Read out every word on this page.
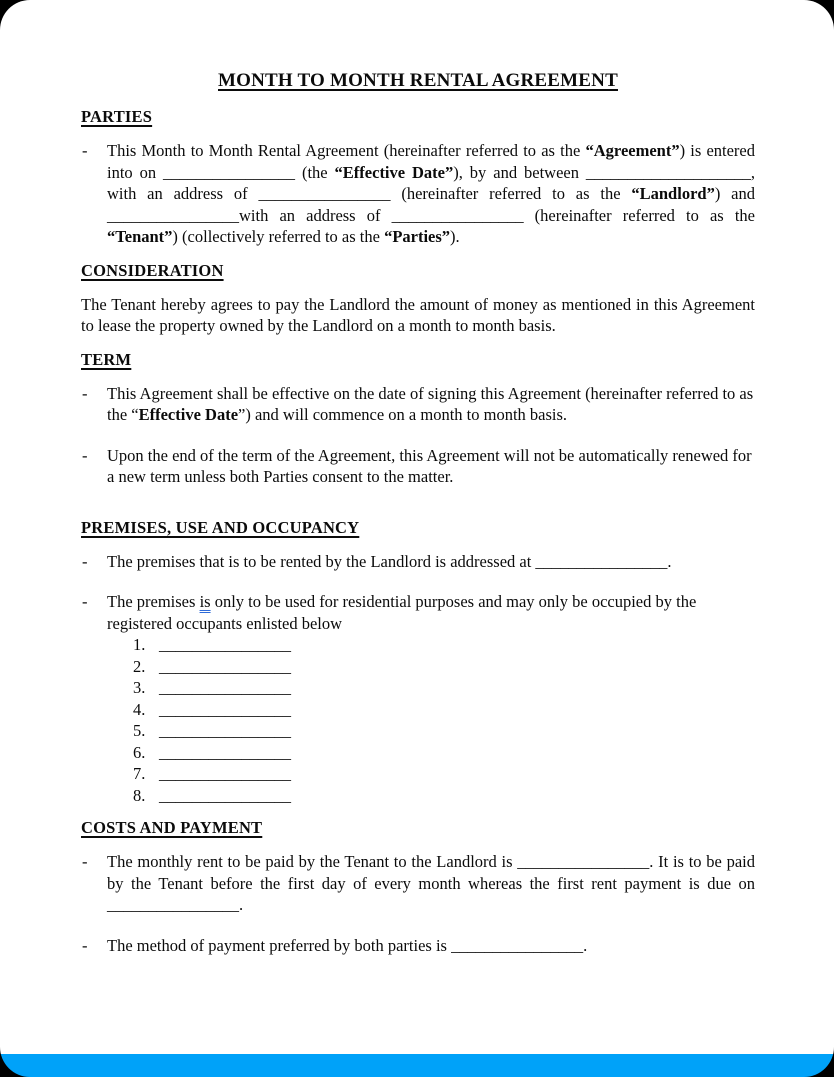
MONTH TO MONTH RENTAL AGREEMENT
PARTIES
- This Month to Month Rental Agreement (hereinafter referred to as the “Agreement”) is entered into on ________________ (the “Effective Date”), by and between ____________________, with an address of ________________ (hereinafter referred to as the “Landlord”) and ________________with an address of ________________ (hereinafter referred to as the “Tenant”) (collectively referred to as the “Parties”).
CONSIDERATION

The Tenant hereby agrees to pay the Landlord the amount of money as mentioned in this Agreement to lease the property owned by the Landlord on a month to month basis.

TERM
- This Agreement shall be effective on the date of signing this Agreement (hereinafter referred to as the “Effective Date”) and will commence on a month to month basis.
- Upon the end of the term of the Agreement, this Agreement will not be automatically renewed for a new term unless both Parties consent to the matter.
PREMISES, USE AND OCCUPANCY
- The premises that is to be rented by the Landlord is addressed at ________________.
- The premises is only to be used for residential purposes and may only be occupied by the registered occupants enlisted below
1. ________________
2. ________________
3. ________________
4. ________________
5. ________________
6. ________________
7. ________________
8. ________________
COSTS AND PAYMENT
- The monthly rent to be paid by the Tenant to the Landlord is ________________. It is to be paid by the Tenant before the first day of every month whereas the first rent payment is due on ________________.
- The method of payment preferred by both parties is ________________.
